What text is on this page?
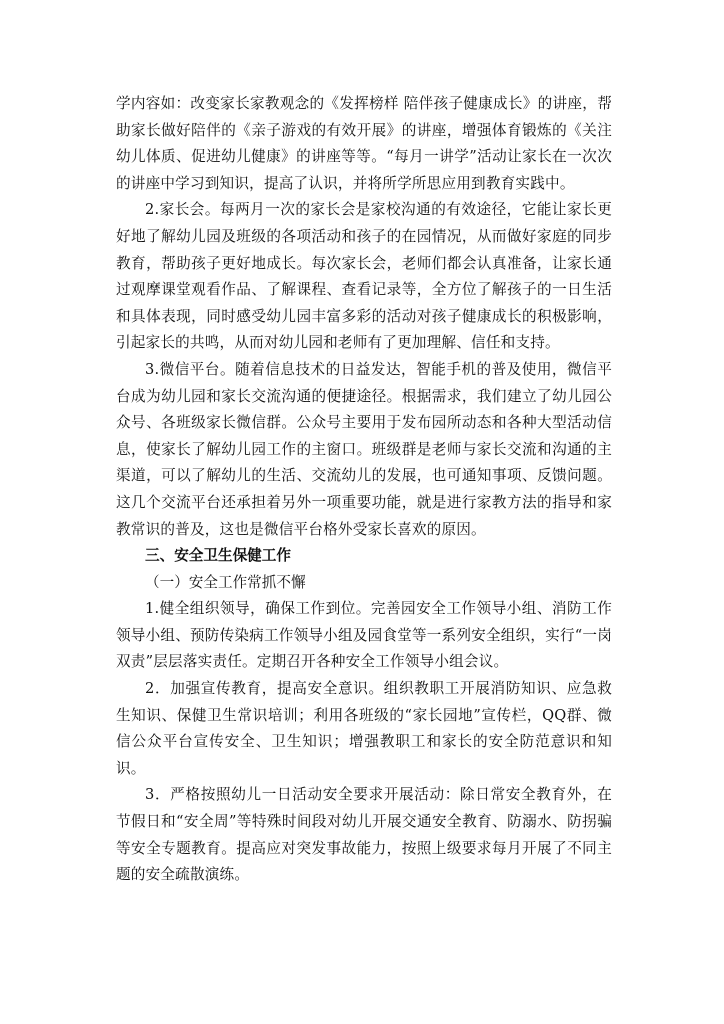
学内容如：改变家长家教观念的《发挥榜样 陪伴孩子健康成长》的讲座，帮助家长做好陪伴的《亲子游戏的有效开展》的讲座，增强体育锻炼的《关注幼儿体质、促进幼儿健康》的讲座等等。“每月一讲学”活动让家长在一次次的讲座中学习到知识，提高了认识，并将所学所思应用到教育实践中。

2.家长会。每两月一次的家长会是家校沟通的有效途径，它能让家长更好地了解幼儿园及班级的各项活动和孩子的在园情况，从而做好家庭的同步教育，帮助孩子更好地成长。每次家长会，老师们都会认真准备，让家长通过观摩课堂观看作品、了解课程、查看记录等，全方位了解孩子的一日生活和具体表现，同时感受幼儿园丰富多彩的活动对孩子健康成长的积极影响，引起家长的共鸣，从而对幼儿园和老师有了更加理解、信任和支持。

3.微信平台。随着信息技术的日益发达，智能手机的普及使用，微信平台成为幼儿园和家长交流沟通的便捷途径。根据需求，我们建立了幼儿园公众号、各班级家长微信群。公众号主要用于发布园所动态和各种大型活动信息，使家长了解幼儿园工作的主窗口。班级群是老师与家长交流和沟通的主渠道，可以了解幼儿的生活、交流幼儿的发展，也可通知事项、反馈问题。这几个交流平台还承担着另外一项重要功能，就是进行家教方法的指导和家教常识的普及，这也是微信平台格外受家长喜欢的原因。

三、安全卫生保健工作

（一）安全工作常抓不懈

1.健全组织领导，确保工作到位。完善园安全工作领导小组、消防工作领导小组、预防传染病工作领导小组及园食堂等一系列安全组织，实行“一岗双责”层层落实责任。定期召开各种安全工作领导小组会议。

2．加强宣传教育，提高安全意识。组织教职工开展消防知识、应急救生知识、保健卫生常识培训；利用各班级的“家长园地”宣传栏，QQ群、微信公众平台宣传安全、卫生知识；增强教职工和家长的安全防范意识和知识。

3．严格按照幼儿一日活动安全要求开展活动：除日常安全教育外，在节假日和“安全周”等特殊时间段对幼儿开展交通安全教育、防溺水、防拐骗等安全专题教育。提高应对突发事故能力，按照上级要求每月开展了不同主题的安全疏散演练。
